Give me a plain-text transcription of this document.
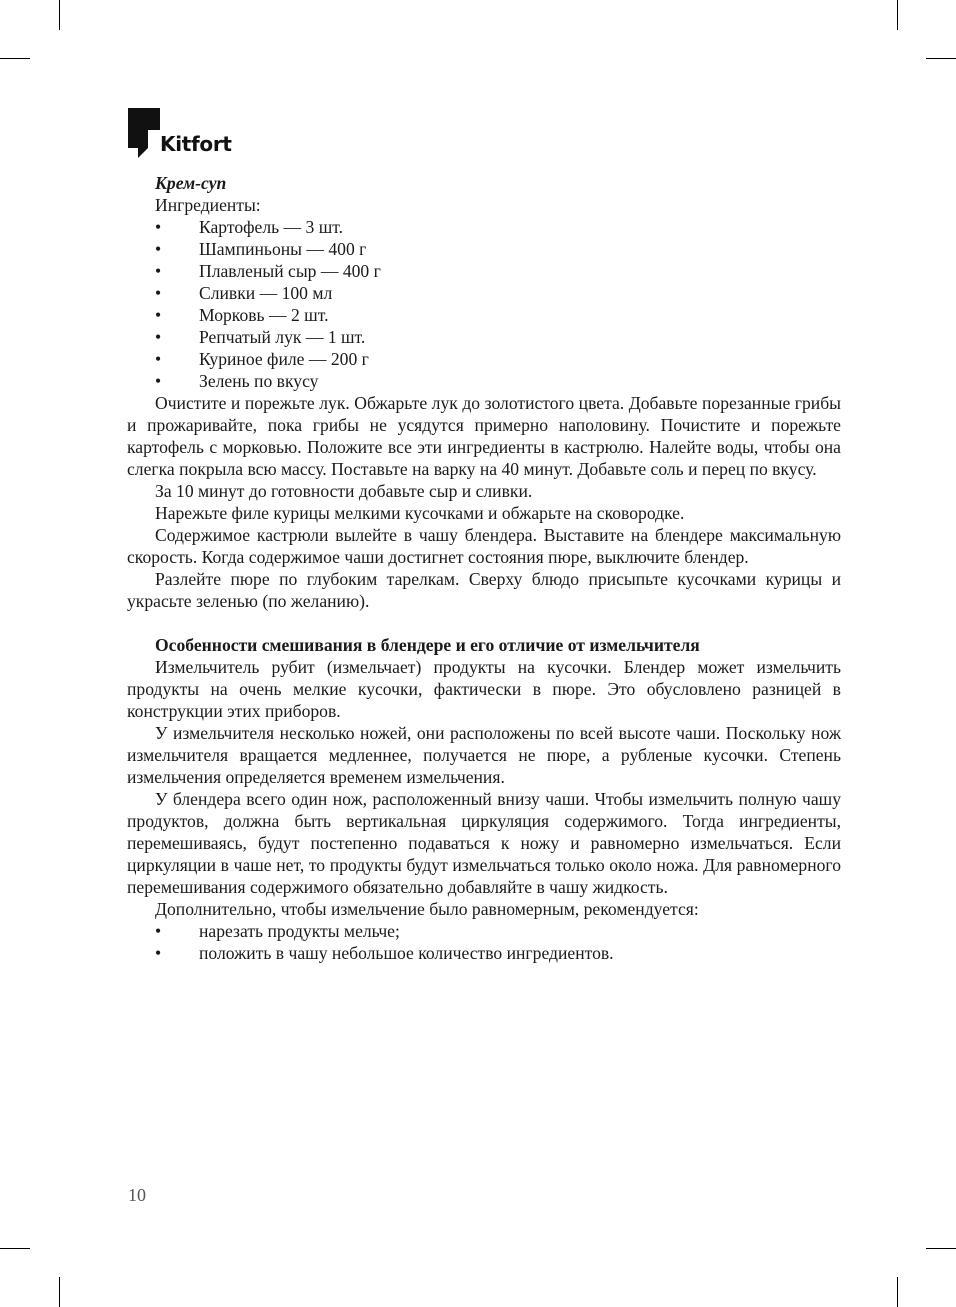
Kitfort
Крем-суп
Ингредиенты:
•	Картофель — 3 шт.
•	Шампиньоны — 400 г
•	Плавленый сыр — 400 г
•	Сливки — 100 мл
•	Морковь — 2 шт.
•	Репчатый лук — 1 шт.
•	Куриное филе — 200 г
•	Зелень по вкусу

Очистите и порежьте лук. Обжарьте лук до золотистого цвета. Добавьте порезанные грибы и прожаривайте, пока грибы не усядутся примерно наполовину. Почистите и порежьте картофель с морковью. Положите все эти ингредиенты в кастрюлю. Налейте воды, чтобы она слегка покрыла всю массу. Поставьте на варку на 40 минут. Добавьте соль и перец по вкусу.

За 10 минут до готовности добавьте сыр и сливки.

Нарежьте филе курицы мелкими кусочками и обжарьте на сковородке.

Содержимое кастрюли вылейте в чашу блендера. Выставите на блендере максимальную скорость. Когда содержимое чаши достигнет состояния пюре, выключите блендер.

Разлейте пюре по глубоким тарелкам. Сверху блюдо присыпьте кусочками курицы и украсьте зеленью (по желанию).

Особенности смешивания в блендере и его отличие от измельчителя

Измельчитель рубит (измельчает) продукты на кусочки. Блендер может измельчить продукты на очень мелкие кусочки, фактически в пюре. Это обусловлено разницей в конструкции этих приборов.

У измельчителя несколько ножей, они расположены по всей высоте чаши. Поскольку нож измельчителя вращается медленнее, получается не пюре, а рубленые кусочки. Степень измельчения определяется временем измельчения.

У блендера всего один нож, расположенный внизу чаши. Чтобы измельчить полную чашу продуктов, должна быть вертикальная циркуляция содержимого. Тогда ингредиенты, перемешиваясь, будут постепенно подаваться к ножу и равномерно измельчаться. Если циркуляции в чаше нет, то продукты будут измельчаться только около ножа. Для равномерного перемешивания содержимого обязательно добавляйте в чашу жидкость.

Дополнительно, чтобы измельчение было равномерным, рекомендуется:

•	нарезать продукты мельче;
•	положить в чашу небольшое количество ингредиентов.
10
